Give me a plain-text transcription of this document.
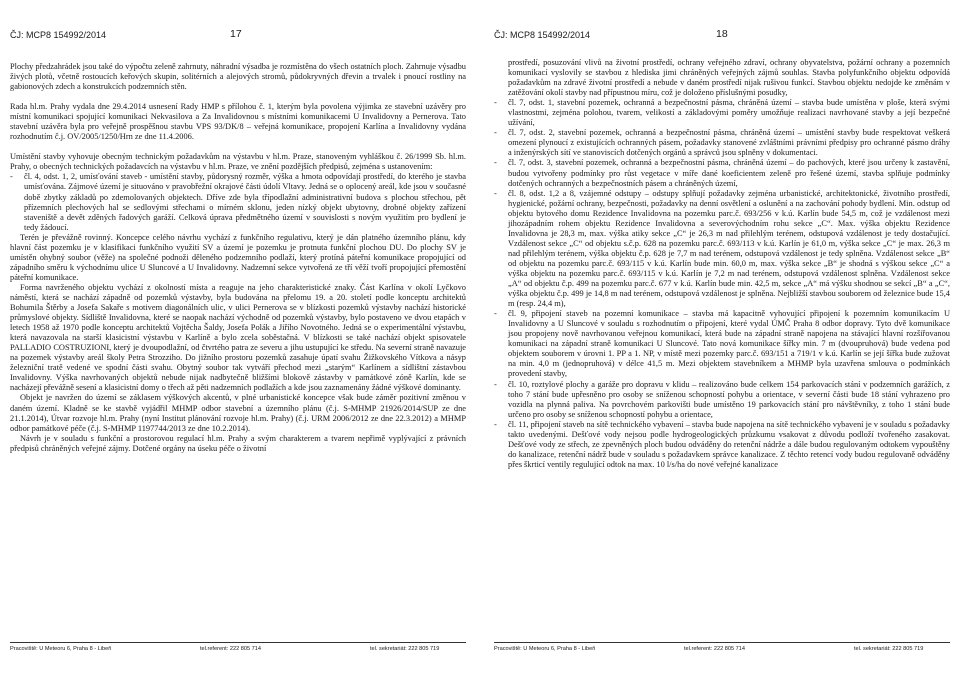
ČJ: MCP8 154992/2014	17

Plochy předzahrádek jsou také do výpočtu zeleně zahrnuty, náhradní výsadba je rozmístěna do všech ostatních ploch. Zahrnuje výsadbu živých plotů, včetně rostoucích keřových skupin, solitérních a alejových stromů, půdokryvných dřevin a trvalek i pnoucí rostliny na gabionových zdech a konstrukcích podzemních stěn.

Rada hl.m. Prahy vydala dne 29.4.2014 usnesení Rady HMP s přílohou č. 1, kterým byla povolena výjimka ze stavební uzávěry pro místní komunikaci spojující komunikaci Nekvasilova a Za Invalidovnou s místními komunikacemi U Invalidovny a Pernerova. Tato stavební uzávěra byla pro veřejně prospěšnou stavbu VPS 93/DK/8 – veřejná komunikace, propojení Karlína a Invalidovny vydána rozhodnutím č.j. OV/2005/1250/Hrn ze dne 11.4.2006.

Umístění stavby vyhovuje obecným technickým požadavkům na výstavbu v hl.m. Praze, stanoveným vyhláškou č. 26/1999 Sb. hl.m. Prahy, o obecných technických požadavcích na výstavbu v hl.m. Praze, ve znění pozdějších předpisů, zejména s ustanovením:

-	čl. 4, odst. 1, 2, umísťování staveb - umístění stavby, půdorysný rozměr, výška a hmota odpovídají prostředí, do kterého je stavba umísťována. Zájmové území je situováno v pravobřežní okrajové části údolí Vltavy. Jedná se o oplocený areál, kde jsou v současné době zbytky základů po zdemolovaných objektech. Dříve zde byla třípodlažní administrativní budova s plochou střechou, pět přízemních plechových hal se sedlovými střechami o mírném sklonu, jeden nízký objekt ubytovny, drobné objekty zařízení staveniště a devět zděných řadových garáží. Celková úprava předmětného území v souvislosti s novým využitím pro bydlení je tedy žádoucí.

Terén je převážně rovinný. Koncepce celého návrhu vychází z funkčního regulativu, který je dán platného územního plánu, kdy hlavní část pozemku je v klasifikaci funkčního využití SV a území je pozemku je protnuta funkční plochou DU. Do plochy SV je umístěn ohybný soubor (věže) na společné podnoži děleného podzemního podlaží, který protíná páteřní komunikace propojující od západního směru k východnímu ulice U Sluncové a U Invalidovny. Nadzemní sekce vytvořená ze tří věží tvoří propojující přemostění páteřní komunikace.

Forma navrženého objektu vychází z okolností místa a reaguje na jeho charakteristické znaky. Část Karlína v okolí Lyčkovo náměstí, která se nachází západně od pozemků výstavby, byla budována na přelomu 19. a 20. století podle konceptu architektů Bohumila Štěrby a Josefa Sakaře s motivem diagonálních ulic, v ulici Pernerova se v blízkosti pozemků výstavby nachází historické průmyslové objekty. Sídliště Invalidovna, které se naopak nachází východně od pozemků výstavby, bylo postaveno ve dvou etapách v letech 1958 až 1970 podle konceptu architektů Vojtěcha Šaldy, Josefa Polák a Jiřího Novotného. Jedná se o experimentální výstavbu, která navazovala na starší klasicistní výstavbu v Karlíně a bylo zcela soběstačná. V blízkosti se také nachází objekt spisovatele PALLADIO COSTRUZIONI, který je dvoupodlažní, od čtvrtého patra ze severu a jihu ustupující ke středu. Na severní straně navazuje na pozemek výstavby areál školy Petra Strozziho. Do jižního prostoru pozemků zasahuje úpatí svahu Žižkovského Vítkova a násyp železniční tratě vedené ve spodní části svahu. Obytný soubor tak vytváří přechod mezi „starým“ Karlínem a sídlištní zástavbou Invalidovny. Výška navrhovaných objektů nebude nijak nadbytečně bližšími blokově zástavby v památkové zóně Karlín, kde se nacházejí převážně sesení a klasicistní domy o třech až pěti nadzemních podlažích a kde jsou zaznamenány žádné výškové dominanty.

Objekt je navržen do území se záklasem výškových akcentů, v plné urbanistické koncepce však bude záměr pozitivní změnou v daném území. Kladně se ke stavbě vyjádřil MHMP odbor stavební a územního plánu (č.j. S-MHMP 21926/2014/SUP ze dne 21.1.2014), Útvar rozvoje hl.m. Prahy (nyní Institut plánování rozvoje hl.m. Prahy) (č.j. URM 2006/2012 ze dne 22.3.2012) a MHMP odbor památkové péče (č.j. S-MHMP 1197744/2013 ze dne 10.2.2014).

Návrh je v souladu s funkční a prostorovou regulací hl.m. Prahy a svým charakterem a tvarem nepřimě vyplývající z právních předpisů chráněných veřejné zájmy. Dotčené orgány na úseku péče o životní

Pracoviště: U Meteoru 6, Praha 8 - Libeň	tel.referent: 222 805 714	tel. sekretariát: 222 805 719
ČJ: MCP8 154992/2014	18

prostředí, posuzování vlivů na životní prostředí, ochrany veřejného zdraví, ochrany obyvatelstva, požární ochrany a pozemních komunikací vyslovily se stavbou z hlediska jimi chráněných veřejných zájmů souhlas. Stavba polyfunkčního objektu odpovídá požadavkům na zdravé životní prostředí a nebude v daném prostředí nijak rušivou funkcí. Stavbou objektu nedojde ke změnám v zatěžování okolí stavby nad přípustnou míru, což je doloženo příslušnými posudky,

-	čl. 7, odst. 1, stavební pozemek, ochranná a bezpečnostní pásma, chráněná území – stavba bude umístěna v ploše, která svými vlastnostmi, zejména polohou, tvarem, velikostí a základovými poměry umožňuje realizaci navrhované stavby a její bezpečné užívání,

-	čl. 7, odst. 2, stavební pozemek, ochranná a bezpečnostní pásma, chráněná území – umístění stavby bude respektovat veškerá omezení plynoucí z existujících ochranných pásem, požadavky stanovené zvláštními právními předpisy pro ochranné pásmo dráhy a inženýrských sítí ve stanoviscích dotčených orgánů a správců jsou splněny v dokumentaci.

-	čl. 7, odst. 3, stavební pozemek, ochranná a bezpečnostní pásma, chráněná území – do pachových, které jsou určeny k zastavění, budou vytvořeny podmínky pro růst vegetace v míře dané koeficientem zeleně pro řešené území, stavba splňuje podmínky dotčených ochranných a bezpečnostních pásem a chráněných území,

-	čl. 8, odst. 1,2 a 8, vzájemné odstupy – odstupy splňují požadavky zejména urbanistické, architektonické, životního prostředí, hygienické, požární ochrany, bezpečnosti, požadavky na denní osvětlení a oslunění a na zachování pohody bydlení. Min. odstup od objektu bytového domu Rezidence Invalidovna na pozemku parc.č. 693/256 v k.ú. Karlín bude 54,5 m, což je vzdálenost mezi jihozápadním rohem objektu Rezidence Invalidovna a severovýchodním rohu sekce „C“. Max. výška objektu Rezidence Invalidovna je 28,3 m, max. výška atiky sekce „C“ je 26,3 m nad přilehlým terénem, odstupová vzdálenost je tedy dostačující. Vzdálenost sekce „C“ od objektu s.č.p. 628 na pozemku parc.č. 693/113 v k.ú. Karlín je 61,0 m, výška sekce „C“ je max. 26,3 m nad přilehlým terénem, výška objektu č.p. 628 je 7,7 m nad terénem, odstupová vzdálenost je tedy splněna. Vzdálenost sekce „B“ od objektu na pozemku parc.č. 693/115 v k.ú. Karlín bude min. 60,0 m, max. výška sekce „B“ je shodná s výškou sekce „C“ a výška objektu na pozemku parc.č. 693/115 v k.ú. Karlín je 7,2 m nad terénem, odstupová vzdálenost splněna. Vzdálenost sekce „A“ od objektu č.p. 499 na pozemku parc.č. 677 v k.ú. Karlín bude min. 42,5 m, sekce „A“ má výšku shodnou se sekcí „B“ a „C“, výška objektu č.p. 499 je 14,8 m nad terénem, odstupová vzdálenost je splněna. Nejbližší stavbou souborem od železnice bude 15,4 m (resp. 24,4 m),

-	čl. 9, připojení staveb na pozemní komunikace – stavba má kapacitně vyhovující připojení k pozemním komunikacím U Invalidovny a U Sluncové v souladu s rozhodnutím o připojení, které vydal ÚMČ Praha 8 odbor dopravy. Tyto dvě komunikace jsou propojeny nově navrhovanou veřejnou komunikací, která bude na západní straně napojena na stávající hlavní rozšiřovanou komunikaci na západní straně komunikaci U Sluncové. Tato nová komunikace šířky min. 7 m (dvoupruhová) bude vedena pod objektem souborem v úrovni 1. PP a 1. NP, v místě mezi pozemky parc.č. 693/151 a 719/1 v k.ú. Karlín se její šířka bude zužovat na min. 4,0 m (jednopruhová) v délce 41,5 m. Mezi objektem stavebníkem a MHMP byla uzavřena smlouva o podmínkách provedení stavby,

-	čl. 10, roztylové plochy a garáže pro dopravu v klidu – realizováno bude celkem 154 parkovacích stání v podzemních garážích, z toho 7 stání bude upřesněno pro osoby se sníženou schopností pohybu a orientace, v severní části bude 18 stání vyhrazeno pro vozidla na plynná paliva. Na povrchovém parkovišti bude umístěno 19 parkovacích stání pro návštěvníky, z toho 1 stání bude určeno pro osoby se sníženou schopností pohybu a orientace,

-	čl. 11, připojení staveb na sítě technického vybavení – stavba bude napojena na sítě technického vybavení je v souladu s požadavky takto uvedenými. Dešťové vody nejsou podle hydrogeologických průzkumu vsakovat z důvodu podloží tvořeného zasakovat. Dešťové vody ze střech, ze zpevněných ploch budou odváděny do retenční nádrže a dále budou regulovaným odtokem vypouštěny do kanalizace, retenční nádrž bude v souladu s požadavkem správce kanalizace. Z těchto retencí vody budou regulovaně odváděny přes škrticí ventily regulující odtok na max. 10 l/s/ha do nové veřejné kanalizace

Pracoviště: U Meteoru 6, Praha 8 - Libeň	tel.referent: 222 805 714	tel. sekretariát: 222 805 719
